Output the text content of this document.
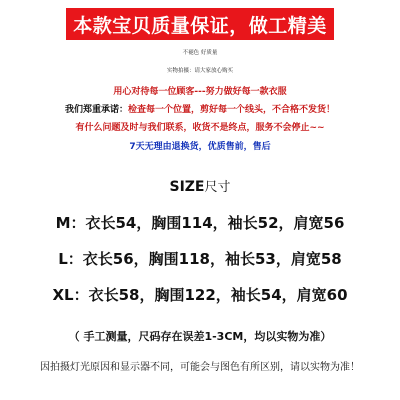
本款宝贝质量保证，做工精美
不褪色 好质量
实物拍摄：请大家放心购买
用心对待每一位顾客---努力做好每一款衣服
我们郑重承诺：检查每一个位置，剪好每一个线头，不合格不发货！
有什么问题及时与我们联系，收货不是终点，服务不会停止~~
7天无理由退换货，优质售前，售后
SIZE尺寸
M：衣长54，胸围114，袖长52，肩宽56
L：衣长56，胸围118，袖长53，肩宽58
XL：衣长58，胸围122，袖长54，肩宽60
（ 手工测量，尺码存在误差1-3CM，均以实物为准）
因拍摄灯光原因和显示器不同，可能会与图色有所区别，请以实物为准！
